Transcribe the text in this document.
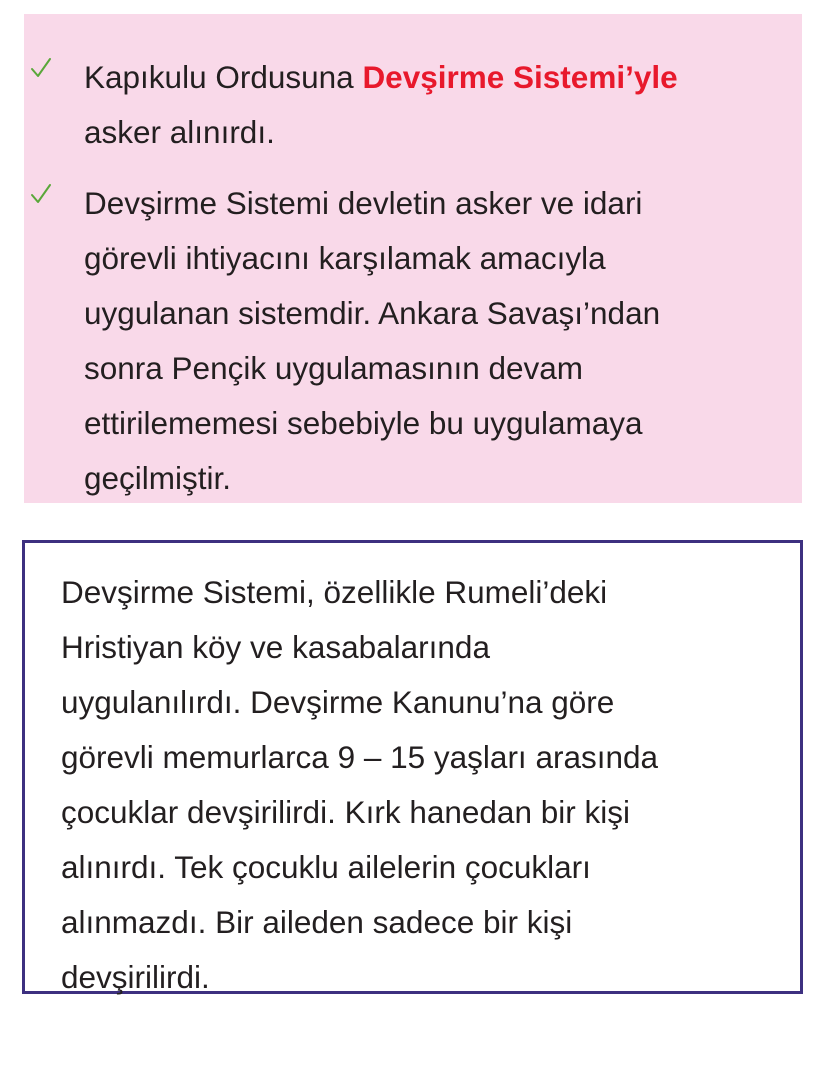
Kapıkulu Ordusuna Devşirme Sistemi’yle
asker alınırdı.
Devşirme Sistemi devletin asker ve idari
görevli ihtiyacını karşılamak amacıyla
uygulanan sistemdir. Ankara Savaşı’ndan
sonra Pençik uygulamasının devam
ettirilememesi sebebiyle bu uygulamaya
geçilmiştir.
Devşirme Sistemi, özellikle Rumeli’deki
Hristiyan köy ve kasabalarında
uygulanılırdı. Devşirme Kanunu’na göre
görevli memurlarca 9 – 15 yaşları arasında
çocuklar devşirilirdi. Kırk hanedan bir kişi
alınırdı. Tek çocuklu ailelerin çocukları
alınmazdı. Bir aileden sadece bir kişi
devşirilirdi.
